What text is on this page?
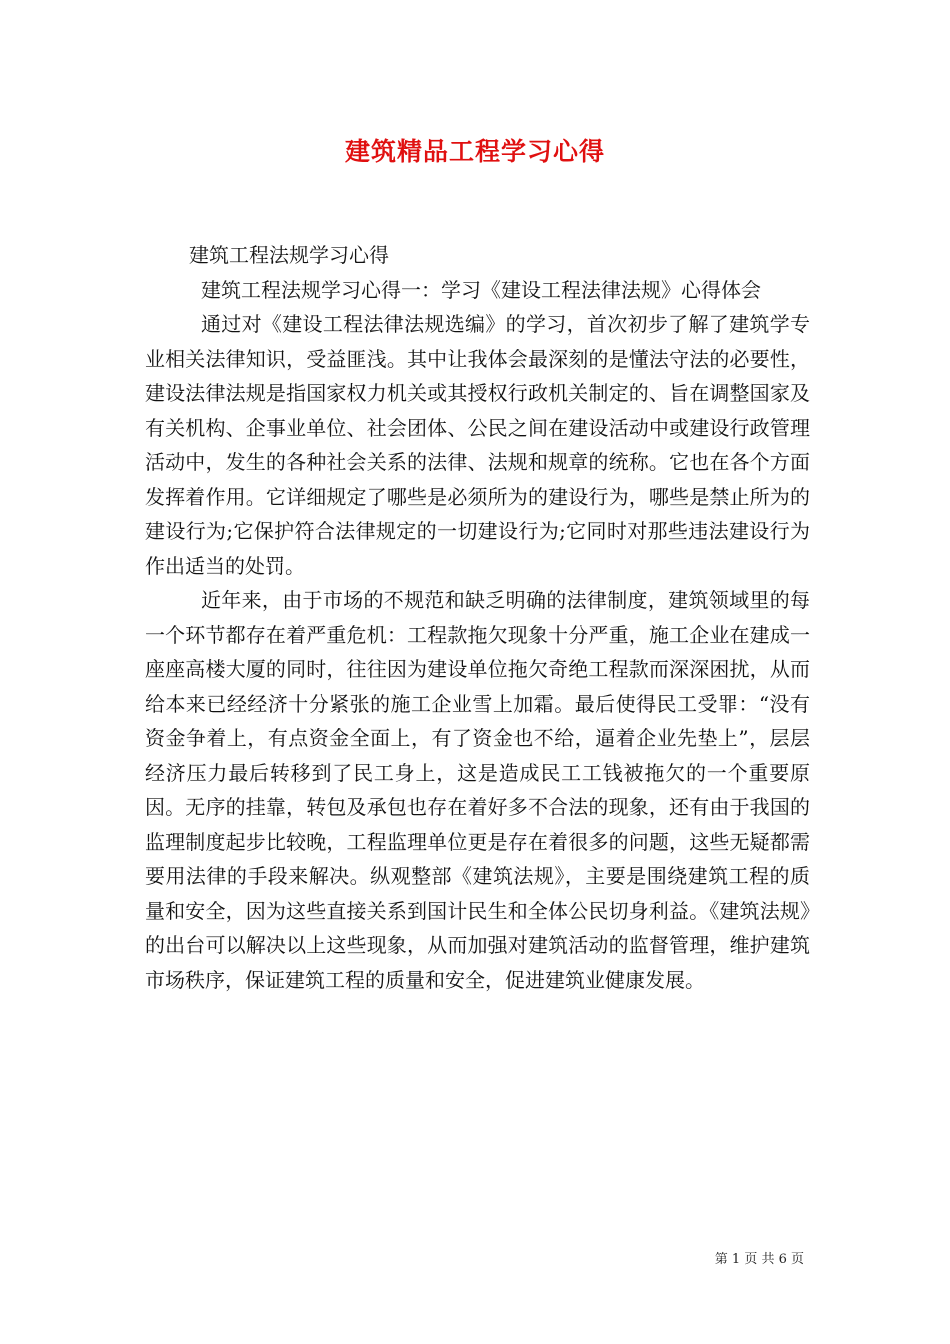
建筑精品工程学习心得

建筑工程法规学习心得

建筑工程法规学习心得一：学习《建设工程法律法规》心得体会

通过对《建设工程法律法规选编》的学习，首次初步了解了建筑学专业相关法律知识，受益匪浅。其中让我体会最深刻的是懂法守法的必要性，建设法律法规是指国家权力机关或其授权行政机关制定的、旨在调整国家及有关机构、企事业单位、社会团体、公民之间在建设活动中或建设行政管理活动中，发生的各种社会关系的法律、法规和规章的统称。它也在各个方面发挥着作用。它详细规定了哪些是必须所为的建设行为，哪些是禁止所为的建设行为;它保护符合法律规定的一切建设行为;它同时对那些违法建设行为作出适当的处罚。

近年来，由于市场的不规范和缺乏明确的法律制度，建筑领域里的每一个环节都存在着严重危机：工程款拖欠现象十分严重，施工企业在建成一座座高楼大厦的同时，往往因为建设单位拖欠奇绝工程款而深深困扰，从而给本来已经经济十分紧张的施工企业雪上加霜。最后使得民工受罪：“没有资金争着上，有点资金全面上，有了资金也不给，逼着企业先垫上”，层层经济压力最后转移到了民工身上，这是造成民工工钱被拖欠的一个重要原因。无序的挂靠，转包及承包也存在着好多不合法的现象，还有由于我国的监理制度起步比较晚，工程监理单位更是存在着很多的问题，这些无疑都需要用法律的手段来解决。纵观整部《建筑法规》，主要是围绕建筑工程的质量和安全，因为这些直接关系到国计民生和全体公民切身利益。《建筑法规》的出台可以解决以上这些现象，从而加强对建筑活动的监督管理，维护建筑市场秩序，保证建筑工程的质量和安全，促进建筑业健康发展。

第 1 页 共 6 页
